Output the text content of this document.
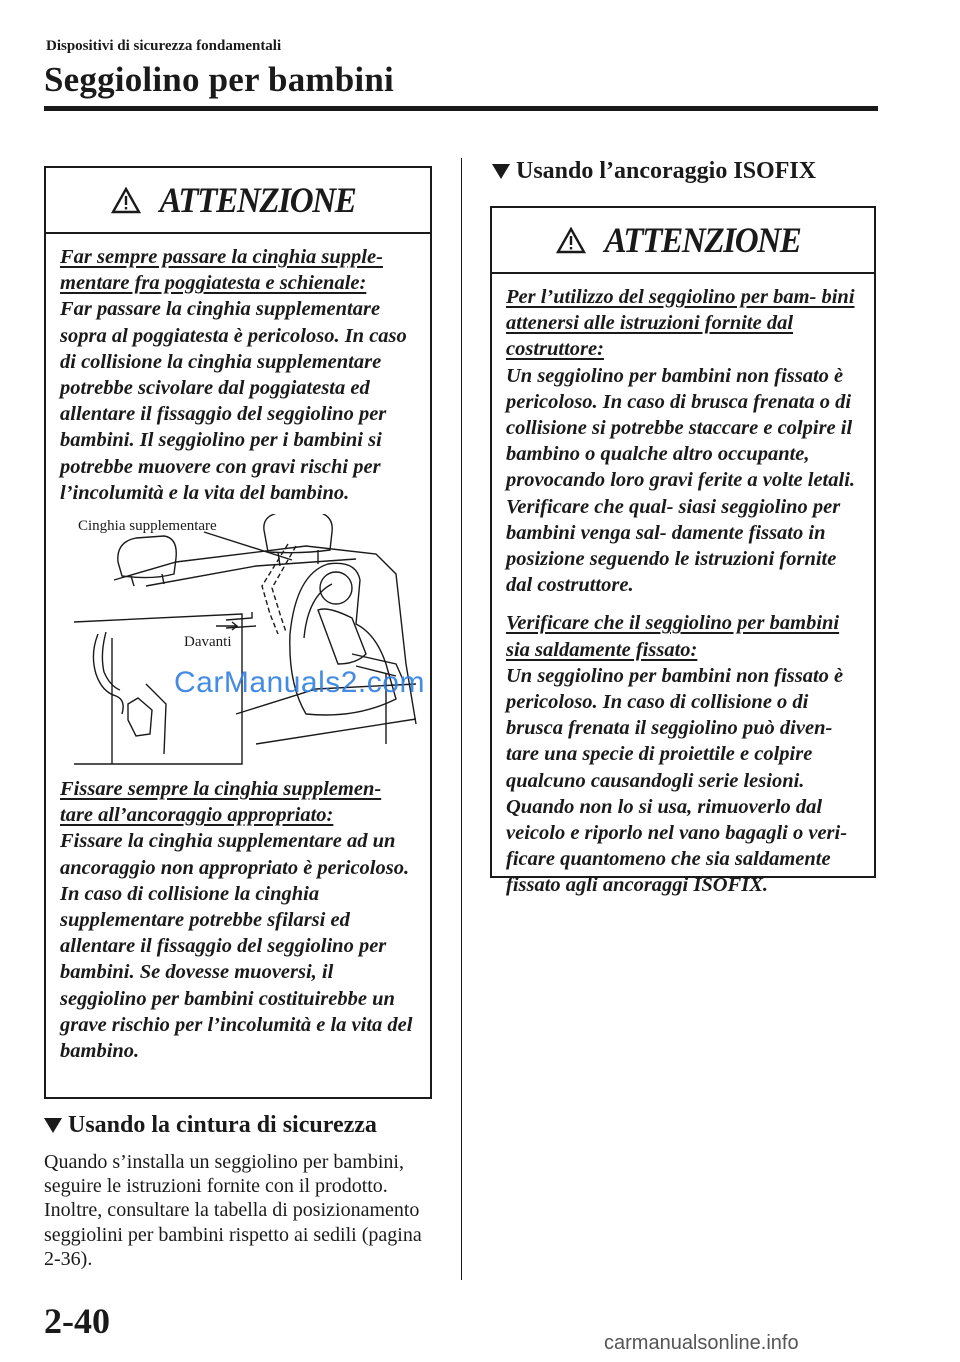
Dispositivi di sicurezza fondamentali
Seggiolino per bambini
ATTENZIONE

Far sempre passare la cinghia supple- mentare fra poggiatesta e schienale:

Far passare la cinghia supplementare sopra al poggiatesta è pericoloso. In caso di collisione la cinghia supplementare potrebbe scivolare dal poggiatesta ed allentare il fissaggio del seggiolino per bambini. Il seggiolino per i bambini si potrebbe muovere con gravi rischi per l’incolumità e la vita del bambino.

Cinghia supplementare
Davanti
CarManuals2.com

Fissare sempre la cinghia supplemen- tare all’ancoraggio appropriato:

Fissare la cinghia supplementare ad un ancoraggio non appropriato è pericoloso. In caso di collisione la cinghia supplementare potrebbe sfilarsi ed allentare il fissaggio del seggiolino per bambini. Se dovesse muoversi, il seggiolino per bambini costituirebbe un grave rischio per l’incolumità e la vita del bambino.

Usando la cintura di sicurezza
Quando s’installa un seggiolino per bambini, seguire le istruzioni fornite con il prodotto. Inoltre, consultare la tabella di posizionamento seggiolini per bambini rispetto ai sedili (pagina 2-36).
Usando l’ancoraggio ISOFIX
ATTENZIONE

Per l’utilizzo del seggiolino per bam- bini attenersi alle istruzioni fornite dal costruttore:

Un seggiolino per bambini non fissato è pericoloso. In caso di brusca frenata o di collisione si potrebbe staccare e colpire il bambino o qualche altro occupante, provocando loro gravi ferite a volte letali. Verificare che qual- siasi seggiolino per bambini venga sal- damente fissato in posizione seguendo le istruzioni fornite dal costruttore.

Verificare che il seggiolino per bambini sia saldamente fissato:

Un seggiolino per bambini non fissato è pericoloso. In caso di collisione o di brusca frenata il seggiolino può diven- tare una specie di proiettile e colpire qualcuno causandogli serie lesioni. Quando non lo si usa, rimuoverlo dal veicolo e riporlo nel vano bagagli o veri- ficare quantomeno che sia saldamente fissato agli ancoraggi ISOFIX.

2-40
carmanualsonline.info
